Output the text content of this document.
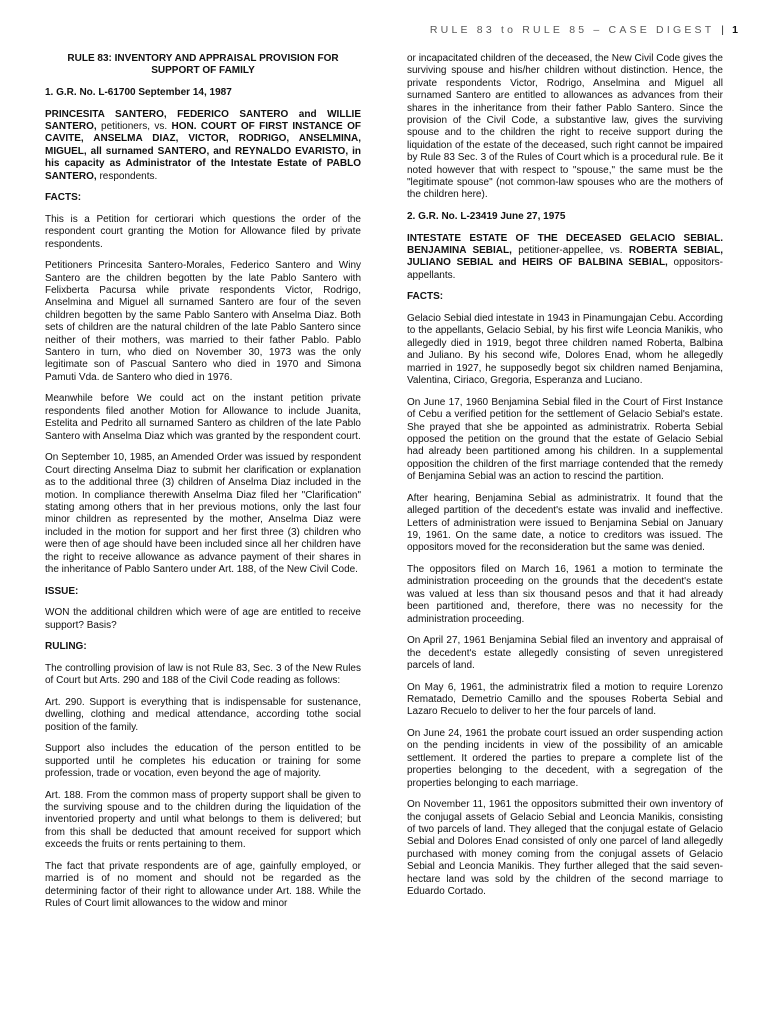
RULE 83 to RULE 85 – CASE DIGEST | 1

RULE 83: INVENTORY AND APPRAISAL PROVISION FOR SUPPORT OF FAMILY

1. G.R. No. L-61700 September 14, 1987

PRINCESITA SANTERO, FEDERICO SANTERO and WILLIE SANTERO, petitioners, vs. HON. COURT OF FIRST INSTANCE OF CAVITE, ANSELMA DIAZ, VICTOR, RODRIGO, ANSELMINA, MIGUEL, all surnamed SANTERO, and REYNALDO EVARISTO, in his capacity as Administrator of the Intestate Estate of PABLO SANTERO, respondents.

FACTS:

This is a Petition for certiorari which questions the order of the respondent court granting the Motion for Allowance filed by private respondents.

Petitioners Princesita Santero-Morales, Federico Santero and Winy Santero are the children begotten by the late Pablo Santero with Felixberta Pacursa while private respondents Victor, Rodrigo, Anselmina and Miguel all surnamed Santero are four of the seven children begotten by the same Pablo Santero with Anselma Diaz. Both sets of children are the natural children of the late Pablo Santero since neither of their mothers, was married to their father Pablo. Pablo Santero in turn, who died on November 30, 1973 was the only legitimate son of Pascual Santero who died in 1970 and Simona Pamuti Vda. de Santero who died in 1976.

Meanwhile before We could act on the instant petition private respondents filed another Motion for Allowance to include Juanita, Estelita and Pedrito all surnamed Santero as children of the late Pablo Santero with Anselma Diaz which was granted by the respondent court.

On September 10, 1985, an Amended Order was issued by respondent Court directing Anselma Diaz to submit her clarification or explanation as to the additional three (3) children of Anselma Diaz included in the motion. In compliance therewith Anselma Diaz filed her "Clarification" stating among others that in her previous motions, only the last four minor children as represented by the mother, Anselma Diaz were included in the motion for support and her first three (3) children who were then of age should have been included since all her children have the right to receive allowance as advance payment of their shares in the inheritance of Pablo Santero under Art. 188, of the New Civil Code.

ISSUE:

WON the additional children which were of age are entitled to receive support? Basis?

RULING:

The controlling provision of law is not Rule 83, Sec. 3 of the New Rules of Court but Arts. 290 and 188 of the Civil Code reading as follows:

Art. 290. Support is everything that is indispensable for sustenance, dwelling, clothing and medical attendance, according tothe social position of the family.

Support also includes the education of the person entitled to be supported until he completes his education or training for some profession, trade or vocation, even beyond the age of majority.

Art. 188. From the common mass of property support shall be given to the surviving spouse and to the children during the liquidation of the inventoried property and until what belongs to them is delivered; but from this shall be deducted that amount received for support which exceeds the fruits or rents pertaining to them.

The fact that private respondents are of age, gainfully employed, or married is of no moment and should not be regarded as the determining factor of their right to allowance under Art. 188. While the Rules of Court limit allowances to the widow and minor

or incapacitated children of the deceased, the New Civil Code gives the surviving spouse and his/her children without distinction. Hence, the private respondents Victor, Rodrigo, Anselmina and Miguel all surnamed Santero are entitled to allowances as advances from their shares in the inheritance from their father Pablo Santero. Since the provision of the Civil Code, a substantive law, gives the surviving spouse and to the children the right to receive support during the liquidation of the estate of the deceased, such right cannot be impaired by Rule 83 Sec. 3 of the Rules of Court which is a procedural rule. Be it noted however that with respect to "spouse," the same must be the "legitimate spouse" (not common-law spouses who are the mothers of the children here).

2. G.R. No. L-23419 June 27, 1975

INTESTATE ESTATE OF THE DECEASED GELACIO SEBIAL. BENJAMINA SEBIAL, petitioner-appellee, vs. ROBERTA SEBIAL, JULIANO SEBIAL and HEIRS OF BALBINA SEBIAL, oppositors-appellants.

FACTS:

Gelacio Sebial died intestate in 1943 in Pinamungajan Cebu. According to the appellants, Gelacio Sebial, by his first wife Leoncia Manikis, who allegedly died in 1919, begot three children named Roberta, Balbina and Juliano. By his second wife, Dolores Enad, whom he allegedly married in 1927, he supposedly begot six children named Benjamina, Valentina, Ciriaco, Gregoria, Esperanza and Luciano.

On June 17, 1960 Benjamina Sebial filed in the Court of First Instance of Cebu a verified petition for the settlement of Gelacio Sebial's estate. She prayed that she be appointed as administratrix. Roberta Sebial opposed the petition on the ground that the estate of Gelacio Sebial had already been partitioned among his children. In a supplemental opposition the children of the first marriage contended that the remedy of Benjamina Sebial was an action to rescind the partition.

After hearing, Benjamina Sebial as administratrix. It found that the alleged partition of the decedent's estate was invalid and ineffective. Letters of administration were issued to Benjamina Sebial on January 19, 1961. On the same date, a notice to creditors was issued. The oppositors moved for the reconsideration but the same was denied.

The oppositors filed on March 16, 1961 a motion to terminate the administration proceeding on the grounds that the decedent's estate was valued at less than six thousand pesos and that it had already been partitioned and, therefore, there was no necessity for the administration proceeding.

On April 27, 1961 Benjamina Sebial filed an inventory and appraisal of the decedent's estate allegedly consisting of seven unregistered parcels of land.

On May 6, 1961, the administratrix filed a motion to require Lorenzo Rematado, Demetrio Camillo and the spouses Roberta Sebial and Lazaro Recuelo to deliver to her the four parcels of land.

On June 24, 1961 the probate court issued an order suspending action on the pending incidents in view of the possibility of an amicable settlement. It ordered the parties to prepare a complete list of the properties belonging to the decedent, with a segregation of the properties belonging to each marriage.

On November 11, 1961 the oppositors submitted their own inventory of the conjugal assets of Gelacio Sebial and Leoncia Manikis, consisting of two parcels of land. They alleged that the conjugal estate of Gelacio Sebial and Dolores Enad consisted of only one parcel of land allegedly purchased with money coming from the conjugal assets of Gelacio Sebial and Leoncia Manikis. They further alleged that the said seven- hectare land was sold by the children of the second marriage to Eduardo Cortado.
